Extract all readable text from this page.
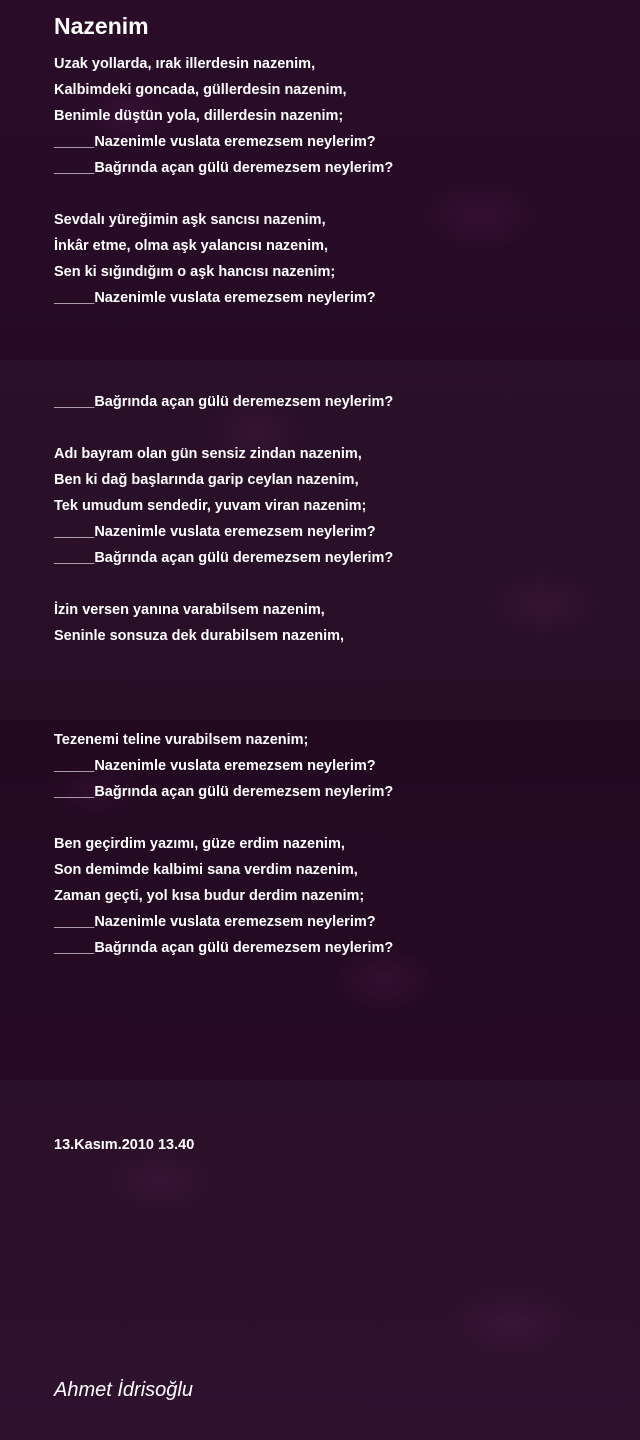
Nazenim
Uzak yollarda, ırak illerdesin nazenim,
Kalbimdeki goncada, güllerdesin nazenim,
Benimle düştün yola, dillerdesin nazenim;
_____Nazenimle vuslata eremezsem neylerim?
_____Bağrında açan gülü deremezsem neylerim?
Sevdalı yüreğimin aşk sancısı nazenim,
İnkâr etme, olma aşk yalancısı nazenim,
Sen ki sığındığım o aşk hancısı nazenim;
_____Nazenimle vuslata eremezsem neylerim?
_____Bağrında açan gülü deremezsem neylerim?
Adı bayram olan gün sensiz zindan nazenim,
Ben ki dağ başlarında garip ceylan nazenim,
Tek umudum sendedir, yuvam viran nazenim;
_____Nazenimle vuslata eremezsem neylerim?
_____Bağrında açan gülü deremezsem neylerim?
İzin versen yanına varabilsem nazenim,
Seninle sonsuza dek durabilsem nazenim,
Tezenemi teline vurabilsem nazenim;
_____Nazenimle vuslata eremezsem neylerim?
_____Bağrında açan gülü deremezsem neylerim?
Ben geçirdim yazımı, güze erdim nazenim,
Son demimde kalbimi sana verdim nazenim,
Zaman geçti, yol kısa budur derdim nazenim;
_____Nazenimle vuslata eremezsem neylerim?
_____Bağrında açan gülü deremezsem neylerim?
13.Kasım.2010 13.40
Ahmet İdrisoğlu
